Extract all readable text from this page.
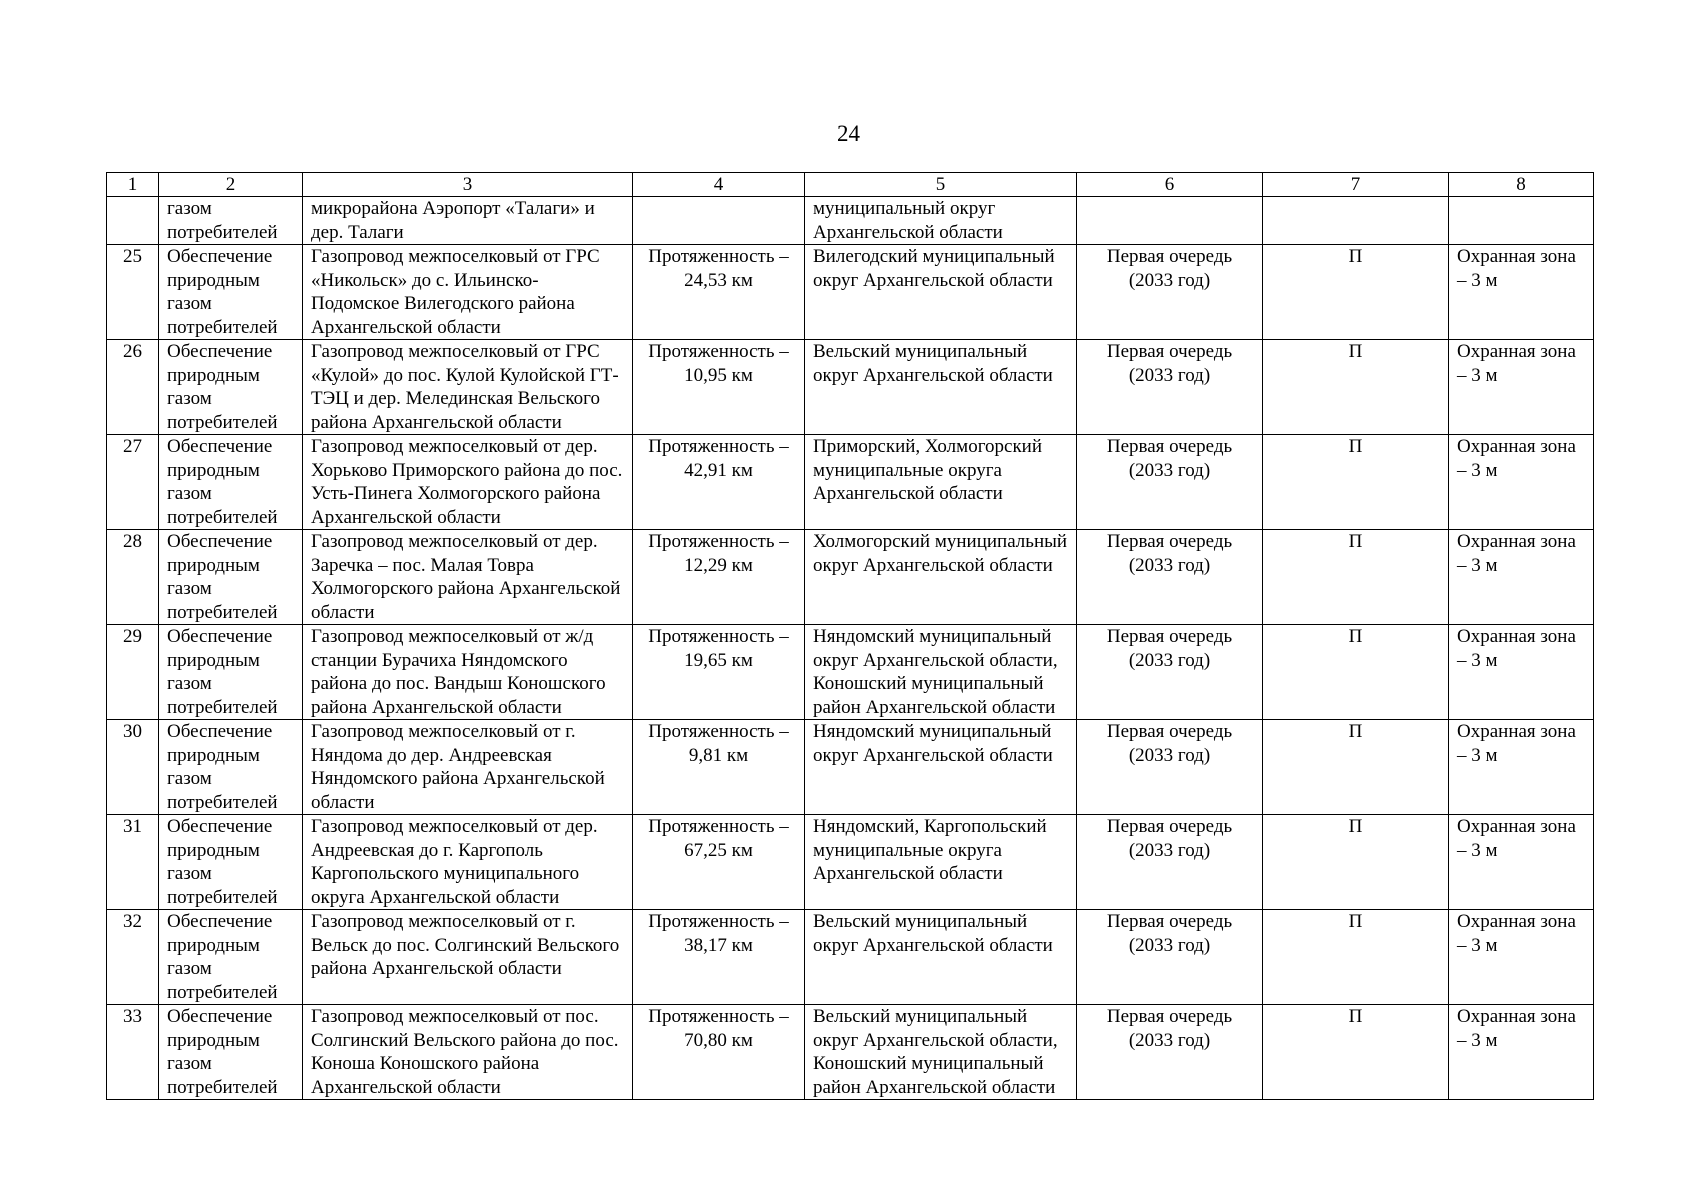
24
1	2	3	4	5	6	7	8
	газом потребителей	микрорайона Аэропорт «Талаги» и дер. Талаги		муниципальный округ Архангельской области			
25	Обеспечение природным газом потребителей	Газопровод межпоселковый от ГРС «Никольск» до с. Ильинско-Подомское Вилегодского района Архангельской области	Протяженность – 24,53 км	Вилегодский муниципальный округ Архангельской области	Первая очередь (2033 год)	П	Охранная зона – 3 м
26	Обеспечение природным газом потребителей	Газопровод межпоселковый от ГРС «Кулой» до пос. Кулой Кулойской ГТ-ТЭЦ и дер. Мелединская Вельского района Архангельской области	Протяженность – 10,95 км	Вельский муниципальный округ Архангельской области	Первая очередь (2033 год)	П	Охранная зона – 3 м
27	Обеспечение природным газом потребителей	Газопровод межпоселковый от дер. Хорьково Приморского района до пос. Усть-Пинега Холмогорского района Архангельской области	Протяженность – 42,91 км	Приморский, Холмогорский муниципальные округа Архангельской области	Первая очередь (2033 год)	П	Охранная зона – 3 м
28	Обеспечение природным газом потребителей	Газопровод межпоселковый от дер. Заречка – пос. Малая Товра Холмогорского района Архангельской области	Протяженность – 12,29 км	Холмогорский муниципальный округ Архангельской области	Первая очередь (2033 год)	П	Охранная зона – 3 м
29	Обеспечение природным газом потребителей	Газопровод межпоселковый от ж/д станции Бурачиха Няндомского района до пос. Вандыш Коношского района Архангельской области	Протяженность – 19,65 км	Няндомский муниципальный округ Архангельской области, Коношский муниципальный район Архангельской области	Первая очередь (2033 год)	П	Охранная зона – 3 м
30	Обеспечение природным газом потребителей	Газопровод межпоселковый от г. Няндома до дер. Андреевская Няндомского района Архангельской области	Протяженность – 9,81 км	Няндомский муниципальный округ Архангельской области	Первая очередь (2033 год)	П	Охранная зона – 3 м
31	Обеспечение природным газом потребителей	Газопровод межпоселковый от дер. Андреевская до г. Каргополь Каргопольского муниципального округа Архангельской области	Протяженность – 67,25 км	Няндомский, Каргопольский муниципальные округа Архангельской области	Первая очередь (2033 год)	П	Охранная зона – 3 м
32	Обеспечение природным газом потребителей	Газопровод межпоселковый от г. Вельск до пос. Солгинский Вельского района Архангельской области	Протяженность – 38,17 км	Вельский муниципальный округ Архангельской области	Первая очередь (2033 год)	П	Охранная зона – 3 м
33	Обеспечение природным газом потребителей	Газопровод межпоселковый от пос. Солгинский Вельского района до пос. Коноша Коношского района Архангельской области	Протяженность – 70,80 км	Вельский муниципальный округ Архангельской области, Коношский муниципальный район Архангельской области	Первая очередь (2033 год)	П	Охранная зона – 3 м
